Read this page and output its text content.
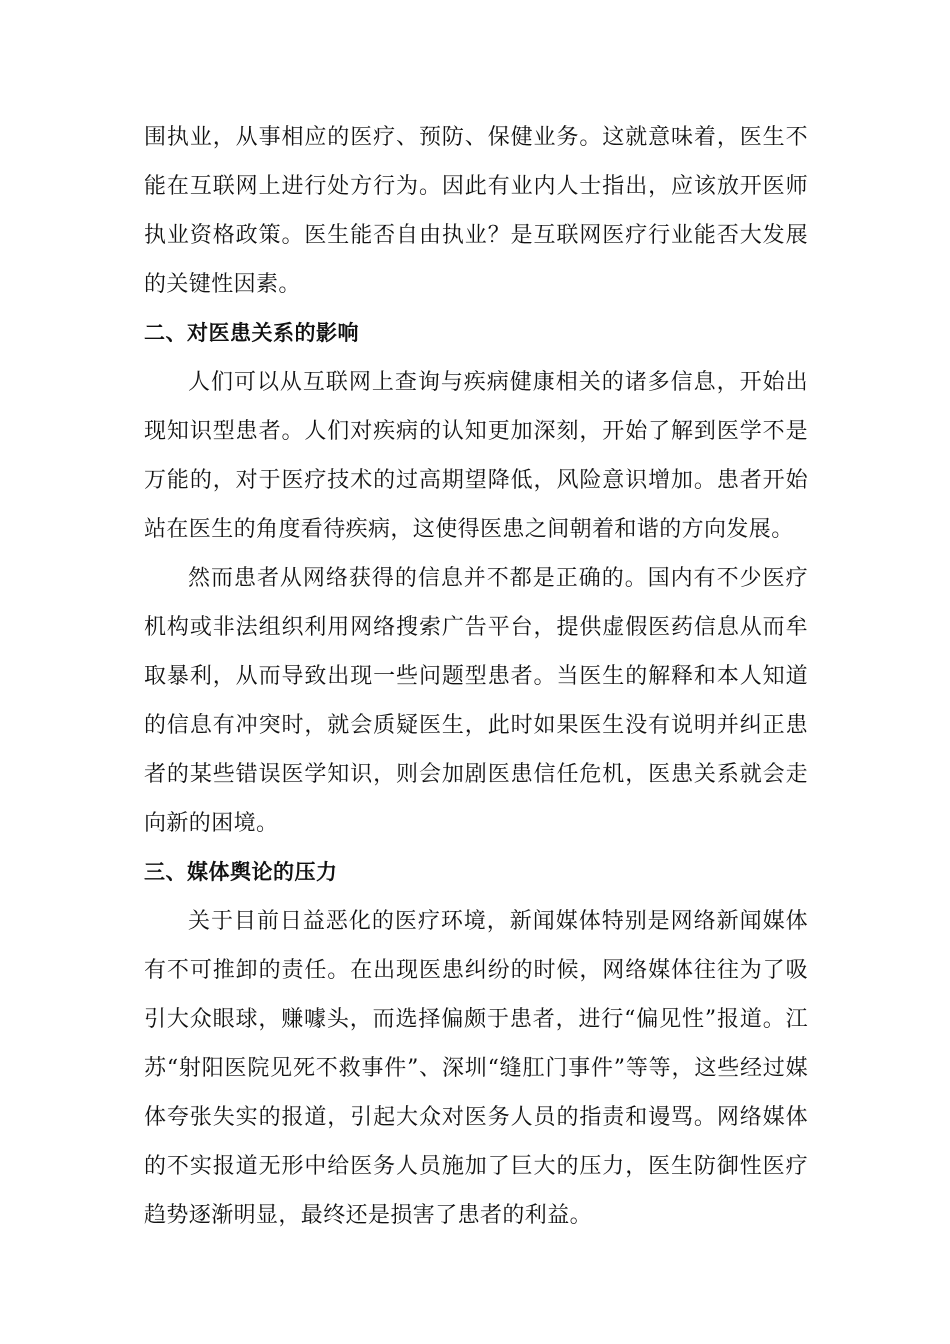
围执业，从事相应的医疗、预防、保健业务。这就意味着，医生不能在互联网上进行处方行为。因此有业内人士指出，应该放开医师执业资格政策。医生能否自由执业？是互联网医疗行业能否大发展的关键性因素。

二、对医患关系的影响

人们可以从互联网上查询与疾病健康相关的诸多信息，开始出现知识型患者。人们对疾病的认知更加深刻，开始了解到医学不是万能的，对于医疗技术的过高期望降低，风险意识增加。患者开始站在医生的角度看待疾病，这使得医患之间朝着和谐的方向发展。

然而患者从网络获得的信息并不都是正确的。国内有不少医疗机构或非法组织利用网络搜索广告平台，提供虚假医药信息从而牟取暴利，从而导致出现一些问题型患者。当医生的解释和本人知道的信息有冲突时，就会质疑医生，此时如果医生没有说明并纠正患者的某些错误医学知识，则会加剧医患信任危机，医患关系就会走向新的困境。

三、媒体舆论的压力

关于目前日益恶化的医疗环境，新闻媒体特别是网络新闻媒体有不可推卸的责任。在出现医患纠纷的时候，网络媒体往往为了吸引大众眼球，赚噱头，而选择偏颇于患者，进行“偏见性”报道。江苏“射阳医院见死不救事件”、深圳“缝肛门事件”等等，这些经过媒体夸张失实的报道，引起大众对医务人员的指责和谩骂。网络媒体的不实报道无形中给医务人员施加了巨大的压力，医生防御性医疗趋势逐渐明显，最终还是损害了患者的利益。
